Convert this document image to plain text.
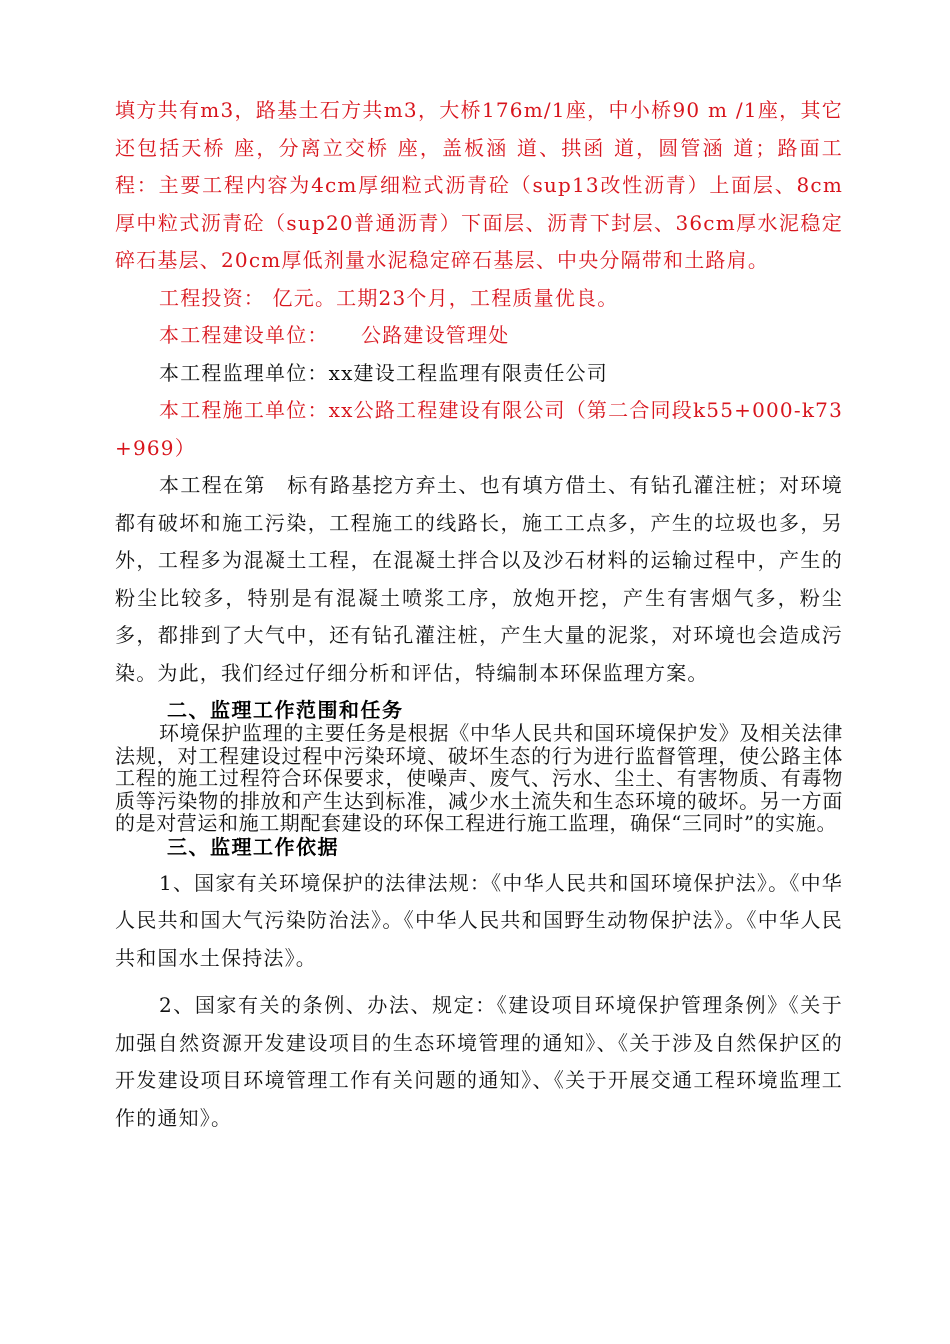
填方共有m3，路基土石方共m3，大桥176m/1座，中小桥90 m /1座，其它还包括天桥 座，分离立交桥 座，盖板涵 道、拱函 道，圆管涵 道；路面工程：主要工程内容为4cm厚细粒式沥青砼（sup13改性沥青）上面层、8cm厚中粒式沥青砼（sup20普通沥青）下面层、沥青下封层、36cm厚水泥稳定碎石基层、20cm厚低剂量水泥稳定碎石基层、中央分隔带和土路肩。

工程投资： 亿元。工期23个月，工程质量优良。

本工程建设单位：　　公路建设管理处

本工程监理单位：xx建设工程监理有限责任公司

本工程施工单位：xx公路工程建设有限公司（第二合同段k55+000-k73+969）

本工程在第　标有路基挖方弃土、也有填方借土、有钻孔灌注桩；对环境都有破坏和施工污染，工程施工的线路长，施工工点多，产生的垃圾也多，另外，工程多为混凝土工程，在混凝土拌合以及沙石材料的运输过程中，产生的粉尘比较多，特别是有混凝土喷浆工序，放炮开挖，产生有害烟气多，粉尘多，都排到了大气中，还有钻孔灌注桩，产生大量的泥浆，对环境也会造成污染。为此，我们经过仔细分析和评估，特编制本环保监理方案。

二、监理工作范围和任务

环境保护监理的主要任务是根据《中华人民共和国环境保护发》及相关法律法规，对工程建设过程中污染环境、破坏生态的行为进行监督管理，使公路主体工程的施工过程符合环保要求，使噪声、废气、污水、尘土、有害物质、有毒物质等污染物的排放和产生达到标准，减少水土流失和生态环境的破坏。另一方面的是对营运和施工期配套建设的环保工程进行施工监理，确保“三同时”的实施。

三、监理工作依据

1、国家有关环境保护的法律法规：《中华人民共和国环境保护法》。《中华人民共和国大气污染防治法》。《中华人民共和国野生动物保护法》。《中华人民共和国水土保持法》。

2、国家有关的条例、办法、规定：《建设项目环境保护管理条例》《关于加强自然资源开发建设项目的生态环境管理的通知》、《关于涉及自然保护区的开发建设项目环境管理工作有关问题的通知》、《关于开展交通工程环境监理工作的通知》。
